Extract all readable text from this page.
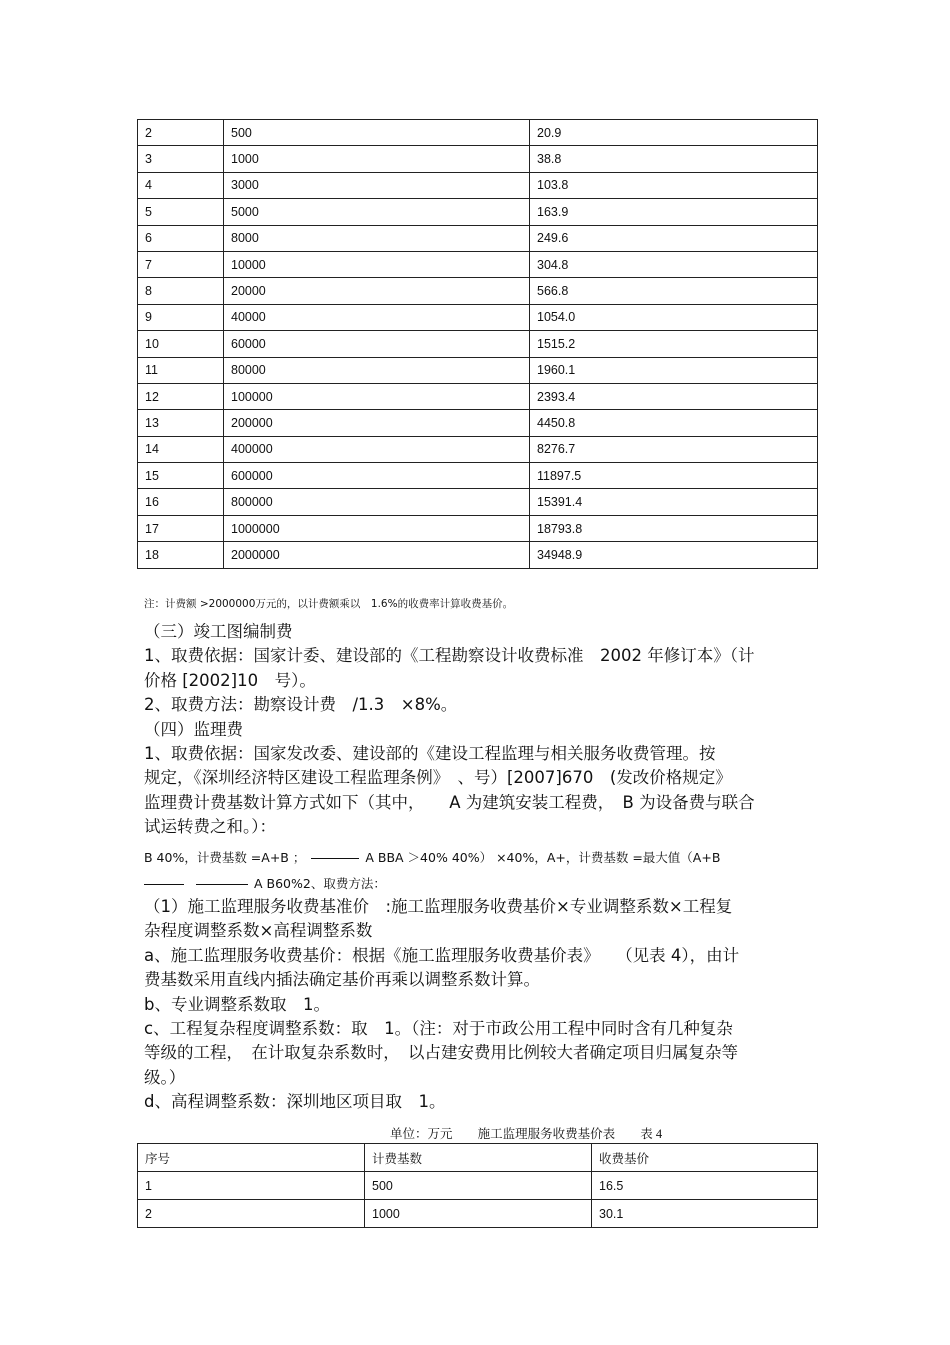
2	500	20.9
3	1000	38.8
4	3000	103.8
5	5000	163.9
6	8000	249.6
7	10000	304.8
8	20000	566.8
9	40000	1054.0
10	60000	1515.2
11	80000	1960.1
12	100000	2393.4
13	200000	4450.8
14	400000	8276.7
15	600000	11897.5
16	800000	15391.4
17	1000000	18793.8
18	2000000	34948.9
注：计费额 >2000000万元的，以计费额乘以　1.6%的收费率计算收费基价。

（三）竣工图编制费

1、取费依据：国家计委、建设部的《工程勘察设计收费标准　2002 年修订本》（计

价格 [2002]10　号）。

2、取费方法：勘察设计费　/1.3　×8%。

（四）监理费

1、取费依据：国家发改委、建设部的《建设工程监理与相关服务收费管理。按

规定，《深圳经济特区建设工程监理条例》　、号）[2007]670　(发改价格规定》

监理费计费基数计算方式如下（其中，　　A 为建筑安装工程费，　B 为设备费与联合

试运转费之和。）：

B 40%，计费基数 =A+B ；	A BBA ＞40% 40%） ×40%，A+，计费基数 =最大值（A+B
A B60%2、取费方法：

（1）施工监理服务收费基准价　:施工监理服务收费基价×专业调整系数×工程复

杂程度调整系数×高程调整系数

a、施工监理服务收费基价：根据《施工监理服务收费基价表》　　（见表 4），由计

费基数采用直线内插法确定基价再乘以调整系数计算。

b、专业调整系数取　1。

c、工程复杂程度调整系数：取　1。（注：对于市政公用工程中同时含有几种复杂

等级的工程，　在计取复杂系数时，　以占建安费用比例较大者确定项目归属复杂等

级。）

d、高程调整系数：深圳地区项目取　1。

单位：万元 施工监理服务收费基价表 表 4
序号	计费基数	收费基价
1	500	16.5
2	1000	30.1
